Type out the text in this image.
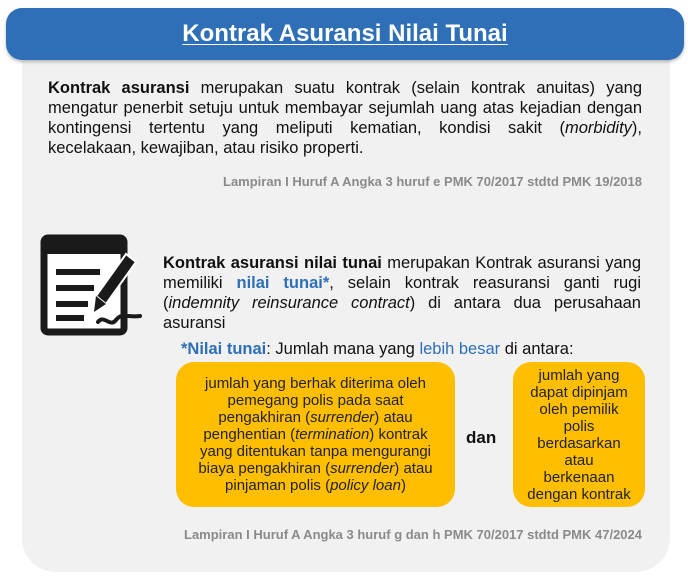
Kontrak Asuransi Nilai Tunai
Kontrak asuransi merupakan suatu kontrak (selain kontrak anuitas) yang mengatur penerbit setuju untuk membayar sejumlah uang atas kejadian dengan kontingensi tertentu yang meliputi kematian, kondisi sakit (morbidity), kecelakaan, kewajiban, atau risiko properti.
Lampiran I Huruf A Angka 3 huruf e PMK 70/2017 stdtd PMK 19/2018
Kontrak asuransi nilai tunai merupakan Kontrak asuransi yang memiliki nilai tunai*, selain kontrak reasuransi ganti rugi (indemnity reinsurance contract) di antara dua perusahaan asuransi
*Nilai tunai: Jumlah mana yang lebih besar di antara:
jumlah yang berhak diterima oleh pemegang polis pada saat pengakhiran (surrender) atau penghentian (termination) kontrak yang ditentukan tanpa mengurangi biaya pengakhiran (surrender) atau pinjaman polis (policy loan)
dan
jumlah yang dapat dipinjam oleh pemilik polis berdasarkan atau berkenaan dengan kontrak
Lampiran I Huruf A Angka 3 huruf g dan h PMK 70/2017 stdtd PMK 47/2024
